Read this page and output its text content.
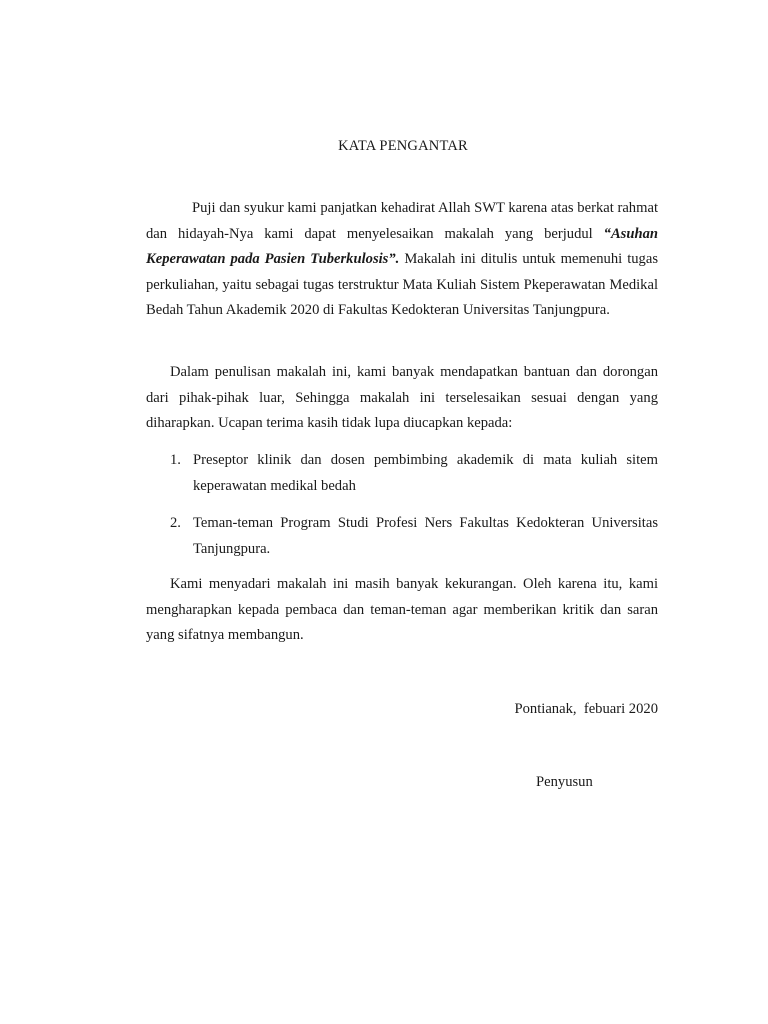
KATA PENGANTAR

Puji dan syukur kami panjatkan kehadirat Allah SWT karena atas berkat rahmat dan hidayah-Nya kami dapat menyelesaikan makalah yang berjudul “Asuhan Keperawatan pada Pasien Tuberkulosis”. Makalah ini ditulis untuk memenuhi tugas perkuliahan, yaitu sebagai tugas terstruktur Mata Kuliah Sistem Pkeperawatan Medikal Bedah Tahun Akademik 2020 di Fakultas Kedokteran Universitas Tanjungpura.

Dalam penulisan makalah ini, kami banyak mendapatkan bantuan dan dorongan dari pihak-pihak luar, Sehingga makalah ini terselesaikan sesuai dengan yang diharapkan. Ucapan terima kasih tidak lupa diucapkan kepada:

1. Preseptor klinik dan dosen pembimbing akademik di mata kuliah sitem keperawatan medikal bedah
2. Teman-teman Program Studi Profesi Ners Fakultas Kedokteran Universitas Tanjungpura.

Kami menyadari makalah ini masih banyak kekurangan. Oleh karena itu, kami mengharapkan kepada pembaca dan teman-teman agar memberikan kritik dan saran yang sifatnya membangun.

Pontianak,  febuari 2020

Penyusun
